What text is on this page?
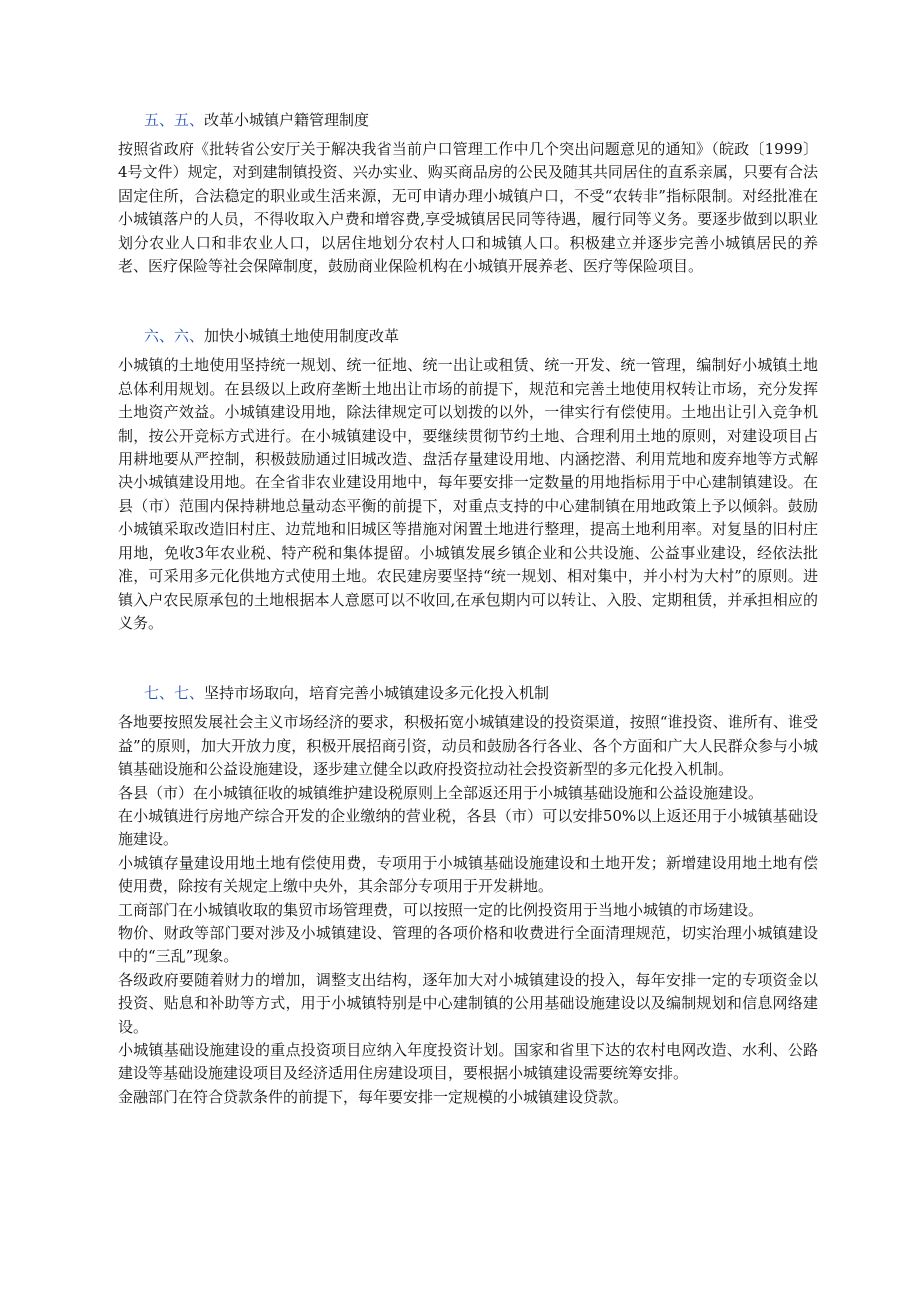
五、五、改革小城镇户籍管理制度

按照省政府《批转省公安厅关于解决我省当前户口管理工作中几个突出问题意见的通知》（皖政〔1999〕4号文件）规定，对到建制镇投资、兴办实业、购买商品房的公民及随其共同居住的直系亲属，只要有合法固定住所，合法稳定的职业或生活来源，无可申请办理小城镇户口，不受“农转非”指标限制。对经批准在小城镇落户的人员，不得收取入户费和增容费,享受城镇居民同等待遇，履行同等义务。要逐步做到以职业划分农业人口和非农业人口，以居住地划分农村人口和城镇人口。积极建立并逐步完善小城镇居民的养老、医疗保险等社会保障制度，鼓励商业保险机构在小城镇开展养老、医疗等保险项目。

六、六、加快小城镇土地使用制度改革

小城镇的土地使用坚持统一规划、统一征地、统一出让或租赁、统一开发、统一管理，编制好小城镇土地总体利用规划。在县级以上政府垄断土地出让市场的前提下，规范和完善土地使用权转让市场，充分发挥土地资产效益。小城镇建设用地，除法律规定可以划拨的以外，一律实行有偿使用。土地出让引入竞争机制，按公开竞标方式进行。在小城镇建设中，要继续贯彻节约土地、合理利用土地的原则，对建设项目占用耕地要从严控制，积极鼓励通过旧城改造、盘活存量建设用地、内涵挖潜、利用荒地和废弃地等方式解决小城镇建设用地。在全省非农业建设用地中，每年要安排一定数量的用地指标用于中心建制镇建设。在县（市）范围内保持耕地总量动态平衡的前提下，对重点支持的中心建制镇在用地政策上予以倾斜。鼓励小城镇采取改造旧村庄、边荒地和旧城区等措施对闲置土地进行整理，提高土地利用率。对复垦的旧村庄用地，免收3年农业税、特产税和集体提留。小城镇发展乡镇企业和公共设施、公益事业建设，经依法批准，可采用多元化供地方式使用土地。农民建房要坚持“统一规划、相对集中，并小村为大村”的原则。进镇入户农民原承包的土地根据本人意愿可以不收回,在承包期内可以转让、入股、定期租赁，并承担相应的义务。

七、七、坚持市场取向，培育完善小城镇建设多元化投入机制

各地要按照发展社会主义市场经济的要求，积极拓宽小城镇建设的投资渠道，按照“谁投资、谁所有、谁受益”的原则，加大开放力度，积极开展招商引资，动员和鼓励各行各业、各个方面和广大人民群众参与小城镇基础设施和公益设施建设，逐步建立健全以政府投资拉动社会投资新型的多元化投入机制。

各县（市）在小城镇征收的城镇维护建设税原则上全部返还用于小城镇基础设施和公益设施建设。

在小城镇进行房地产综合开发的企业缴纳的营业税，各县（市）可以安排50%以上返还用于小城镇基础设施建设。

小城镇存量建设用地土地有偿使用费，专项用于小城镇基础设施建设和土地开发；新增建设用地土地有偿使用费，除按有关规定上缴中央外，其余部分专项用于开发耕地。

工商部门在小城镇收取的集贸市场管理费，可以按照一定的比例投资用于当地小城镇的市场建设。

物价、财政等部门要对涉及小城镇建设、管理的各项价格和收费进行全面清理规范，切实治理小城镇建设中的“三乱”现象。

各级政府要随着财力的增加，调整支出结构，逐年加大对小城镇建设的投入，每年安排一定的专项资金以投资、贴息和补助等方式，用于小城镇特别是中心建制镇的公用基础设施建设以及编制规划和信息网络建设。

小城镇基础设施建设的重点投资项目应纳入年度投资计划。国家和省里下达的农村电网改造、水利、公路建设等基础设施建设项目及经济适用住房建设项目，要根据小城镇建设需要统筹安排。

金融部门在符合贷款条件的前提下，每年要安排一定规模的小城镇建设贷款。
